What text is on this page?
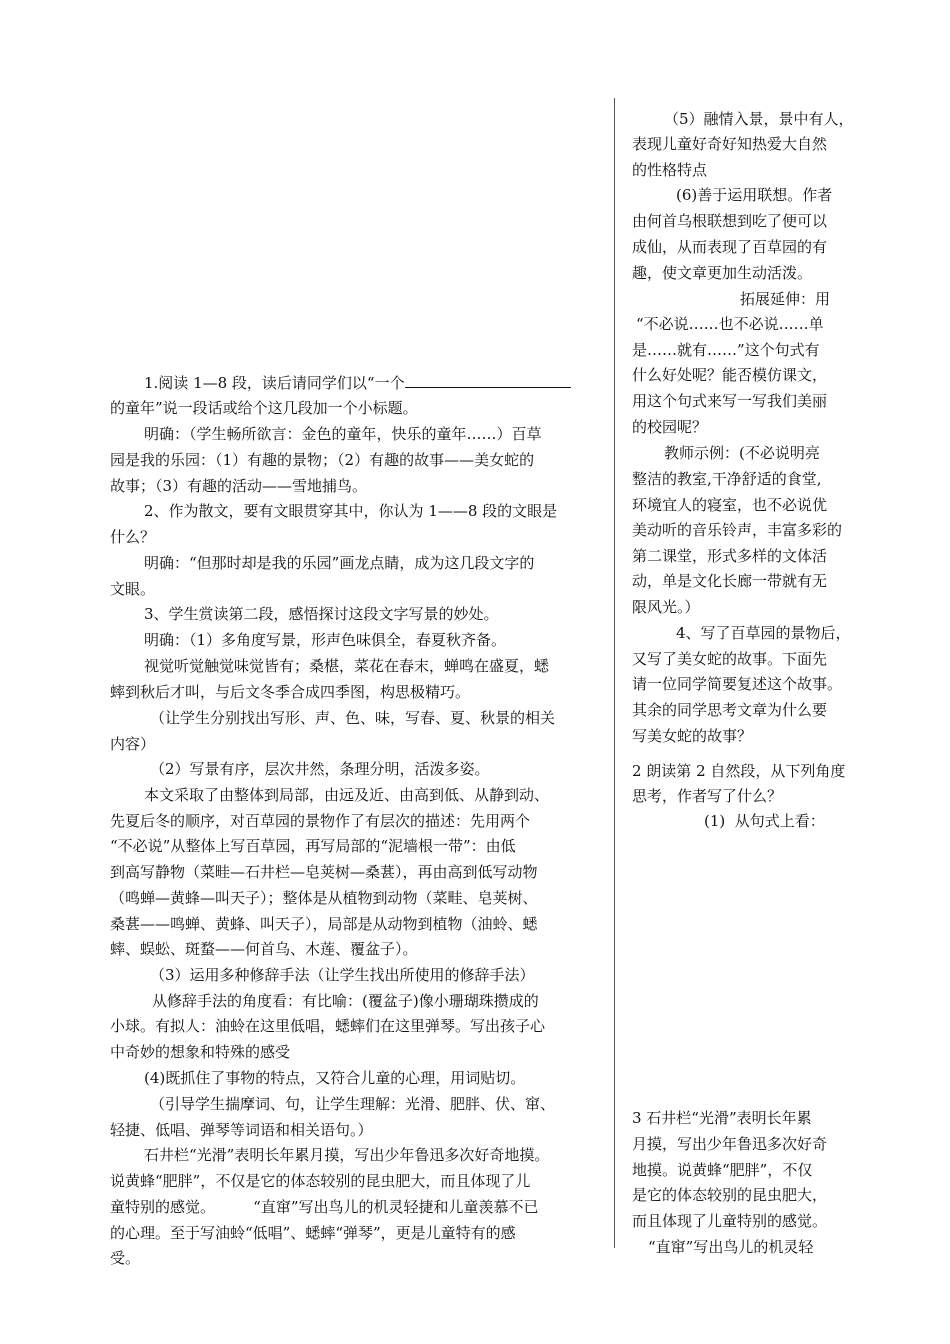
1.阅读 1—8 段，读后请同学们以“一个
的童年”说一段话或给个这几段加一个小标题。
明确：（学生畅所欲言：金色的童年，快乐的童年……）百草
园是我的乐园：（1）有趣的景物；（2）有趣的故事——美女蛇的
故事；（3）有趣的活动——雪地捕鸟。
2、作为散文，要有文眼贯穿其中，你认为 1——8 段的文眼是
什么？
明确：“但那时却是我的乐园”画龙点睛，成为这几段文字的
文眼。
3、学生赏读第二段，感悟探讨这段文字写景的妙处。
明确：（1）多角度写景，形声色味俱全，春夏秋齐备。
视觉听觉触觉味觉皆有；桑椹，菜花在春末，蝉鸣在盛夏，蟋
蟀到秋后才叫，与后文冬季合成四季图，构思极精巧。
（让学生分别找出写形、声、色、味，写春、夏、秋景的相关
内容）
（2）写景有序，层次井然，条理分明，活泼多姿。
本文采取了由整体到局部，由远及近、由高到低、从静到动、
先夏后冬的顺序，对百草园的景物作了有层次的描述：先用两个
“不必说”从整体上写百草园，再写局部的“泥墙根一带”：由低
到高写静物（菜畦—石井栏—皂荚树—桑葚），再由高到低写动物
（鸣蝉—黄蜂—叫天子）；整体是从植物到动物（菜畦、皂荚树、
桑葚——鸣蝉、黄蜂、叫天子），局部是从动物到植物（油蛉、蟋
蟀、蜈蚣、斑蝥——何首乌、木莲、覆盆子）。
（3）运用多种修辞手法（让学生找出所使用的修辞手法）
从修辞手法的角度看：有比喻：(覆盆子)像小珊瑚珠攒成的
小球。有拟人：油蛉在这里低唱，蟋蟀们在这里弹琴。写出孩子心
中奇妙的想象和特殊的感受
(4)既抓住了事物的特点，又符合儿童的心理，用词贴切。
（引导学生揣摩词、句，让学生理解：光滑、肥胖、伏、窜、
轻捷、低唱、弹琴等词语和相关语句。）
石井栏“光滑”表明长年累月摸，写出少年鲁迅多次好奇地摸。
说黄蜂“肥胖”，不仅是它的体态较别的昆虫肥大，而且体现了儿
童特别的感觉。        “直窜”写出鸟儿的机灵轻捷和儿童羡慕不已
的心理。至于写油蛉“低唱”、蟋蟀“弹琴”，更是儿童特有的感
受。
（5）融情入景，景中有人，
表现儿童好奇好知热爱大自然
的性格特点
(6)善于运用联想。作者
由何首乌根联想到吃了便可以
成仙，从而表现了百草园的有
趣，使文章更加生动活泼。
拓展延伸：用
“不必说……也不必说……单
是……就有……”这个句式有
什么好处呢？能否模仿课文，
用这个句式来写一写我们美丽
的校园呢？
教师示例：(不必说明亮
整洁的教室,干净舒适的食堂,
环境宜人的寝室，也不必说优
美动听的音乐铃声，丰富多彩的
第二课堂，形式多样的文体活
动，单是文化长廊一带就有无
限风光。）
4、写了百草园的景物后，
又写了美女蛇的故事。下面先
请一位同学简要复述这个故事。
其余的同学思考文章为什么要
写美女蛇的故事？
2 朗读第 2 自然段，从下列角度
思考，作者写了什么？
(1)  从句式上看：
3 石井栏“光滑”表明长年累
月摸，写出少年鲁迅多次好奇
地摸。说黄蜂“肥胖”，不仅
是它的体态较别的昆虫肥大，
而且体现了儿童特别的感觉。
“直窜”写出鸟儿的机灵轻
